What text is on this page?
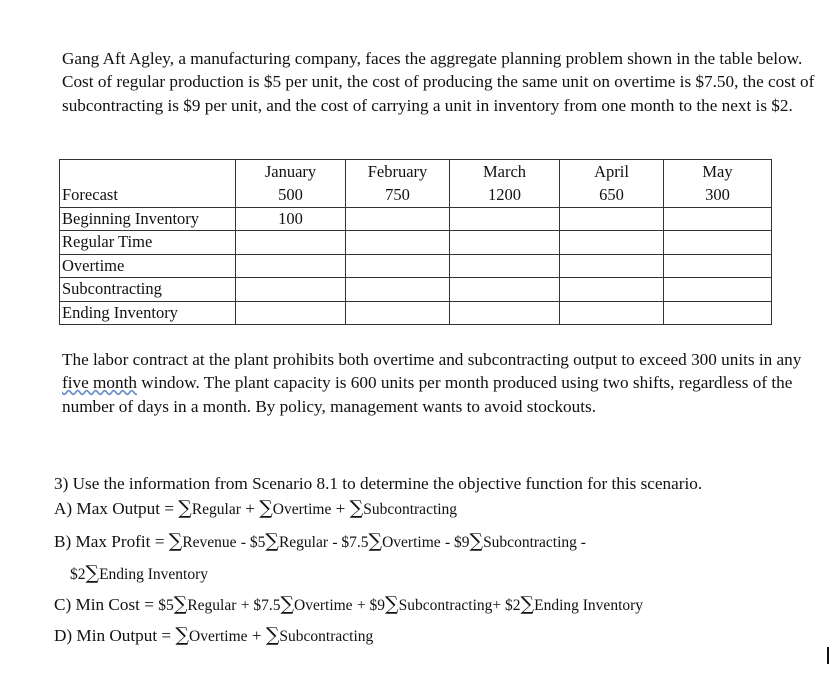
Gang Aft Agley, a manufacturing company, faces the aggregate planning problem shown in the table below. Cost of regular production is $5 per unit, the cost of producing the same unit on overtime is $7.50, the cost of subcontracting is $9 per unit, and the cost of carrying a unit in inventory from one month to the next is $2.

	January	February	March	April	May
Forecast	500	750	1200	650	300
Beginning Inventory	100				
Regular Time					
Overtime					
Subcontracting					
Ending Inventory					

The labor contract at the plant prohibits both overtime and subcontracting output to exceed 300 units in any five month window. The plant capacity is 600 units per month produced using two shifts, regardless of the number of days in a month. By policy, management wants to avoid stockouts.

3) Use the information from Scenario 8.1 to determine the objective function for this scenario.
A) Max Output = ∑Regular + ∑Overtime + ∑Subcontracting
B) Max Profit = ∑Revenue - $5∑Regular - $7.5∑Overtime - $9∑Subcontracting -
$2∑Ending Inventory
C) Min Cost = $5∑Regular + $7.5∑Overtime + $9∑Subcontracting+ $2∑Ending Inventory
D) Min Output = ∑Overtime + ∑Subcontracting
